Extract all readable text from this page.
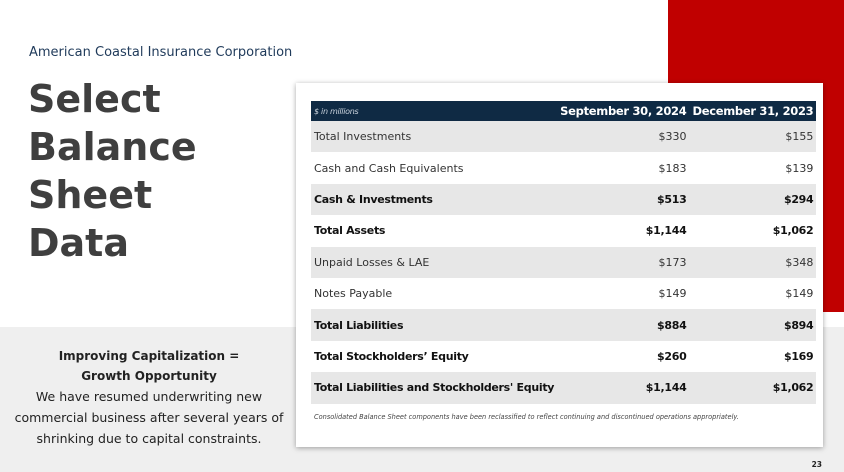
American Coastal Insurance Corporation
Select
Balance
Sheet
Data
Improving Capitalization =
Growth Opportunity
We have resumed underwriting new
commercial business after several years of
shrinking due to capital constraints.
$ in millions	September 30, 2024	December 31, 2023
Total Investments	$330	$155
Cash and Cash Equivalents	$183	$139
Cash & Investments	$513	$294
Total Assets	$1,144	$1,062
Unpaid Losses & LAE	$173	$348
Notes Payable	$149	$149
Total Liabilities	$884	$894
Total Stockholders’ Equity	$260	$169
Total Liabilities and Stockholders' Equity	$1,144	$1,062
Consolidated Balance Sheet components have been reclassified to reflect continuing and discontinued operations appropriately.
23
